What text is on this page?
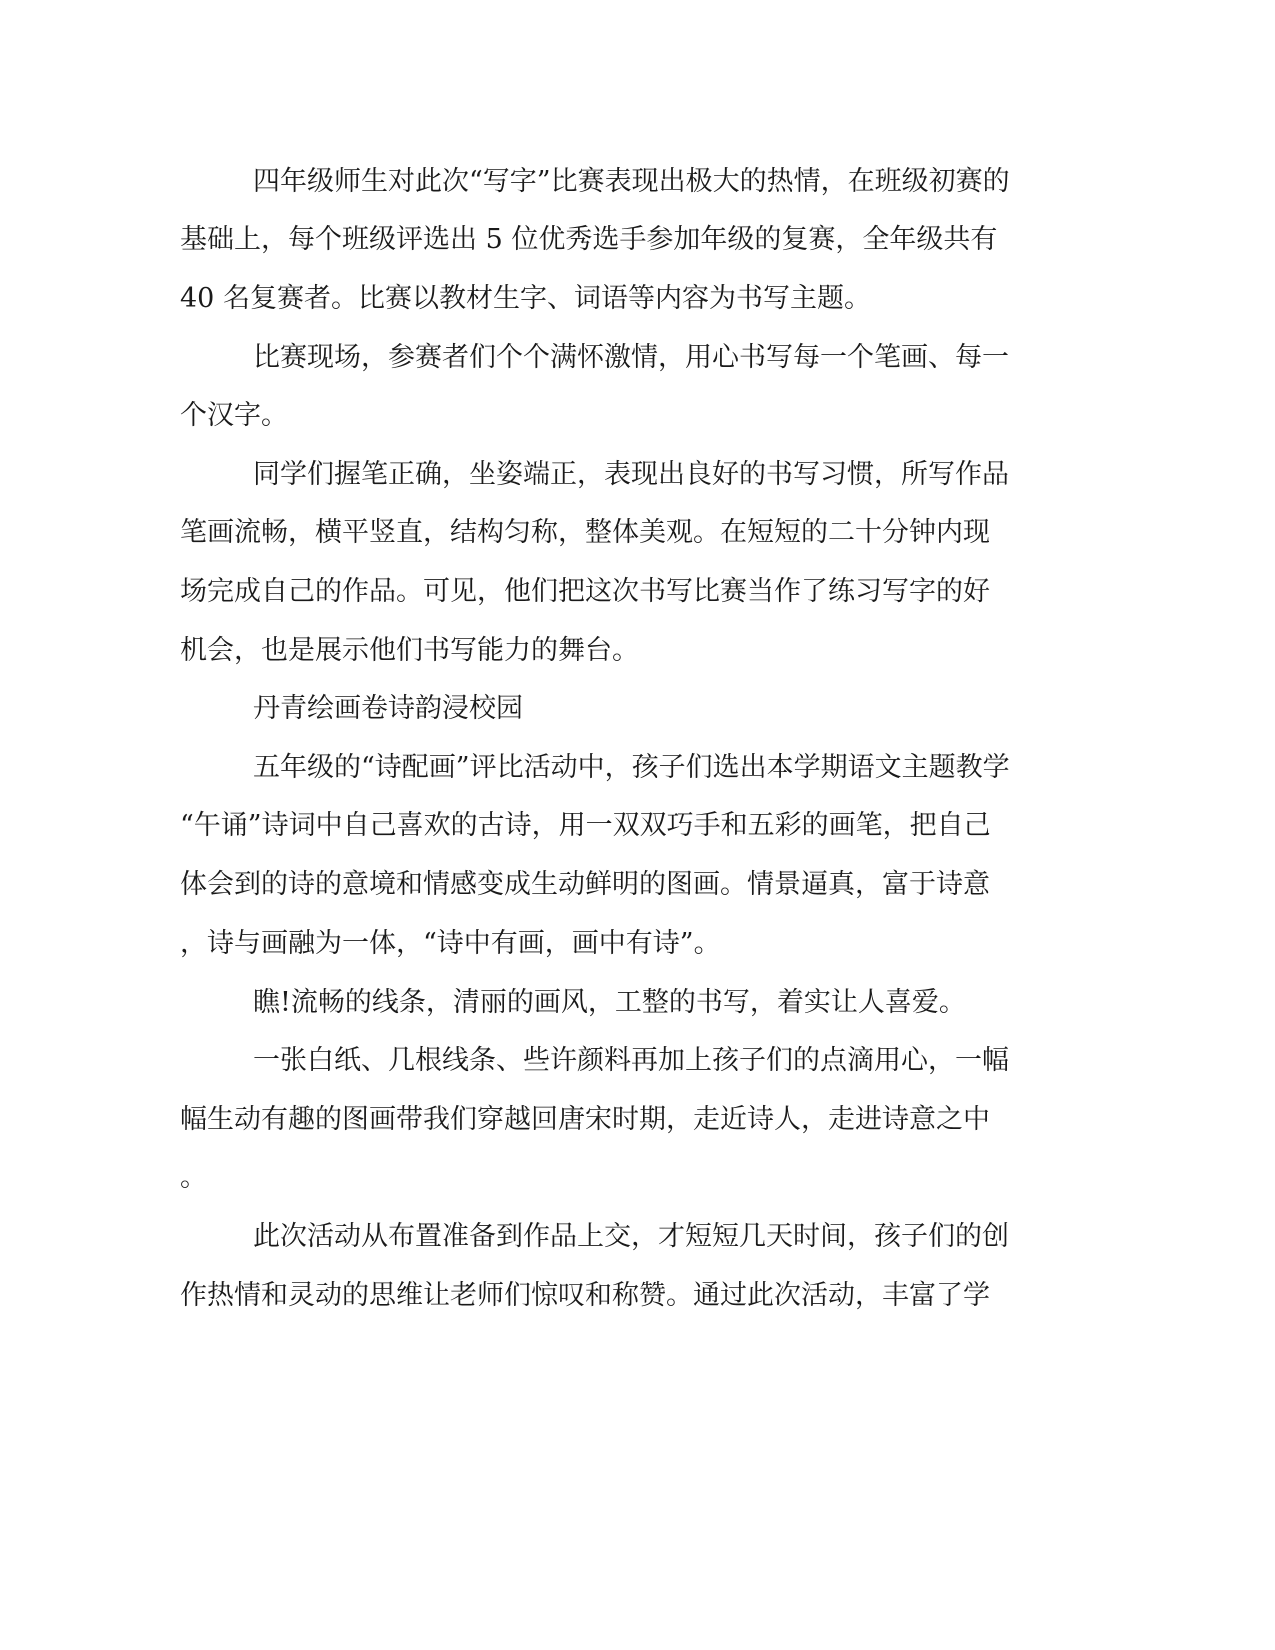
四年级师生对此次“写字”比赛表现出极大的热情，在班级初赛的

基础上，每个班级评选出 5 位优秀选手参加年级的复赛，全年级共有

40 名复赛者。比赛以教材生字、词语等内容为书写主题。

比赛现场，参赛者们个个满怀激情，用心书写每一个笔画、每一

个汉字。

同学们握笔正确，坐姿端正，表现出良好的书写习惯，所写作品

笔画流畅，横平竖直，结构匀称，整体美观。在短短的二十分钟内现

场完成自己的作品。可见，他们把这次书写比赛当作了练习写字的好

机会，也是展示他们书写能力的舞台。

丹青绘画卷诗韵浸校园

五年级的“诗配画”评比活动中，孩子们选出本学期语文主题教学

“午诵”诗词中自己喜欢的古诗，用一双双巧手和五彩的画笔，把自己

体会到的诗的意境和情感变成生动鲜明的图画。情景逼真，富于诗意

，诗与画融为一体，“诗中有画，画中有诗”。

瞧!流畅的线条，清丽的画风，工整的书写，着实让人喜爱。

一张白纸、几根线条、些许颜料再加上孩子们的点滴用心，一幅

幅生动有趣的图画带我们穿越回唐宋时期，走近诗人，走进诗意之中

。

此次活动从布置准备到作品上交，才短短几天时间，孩子们的创

作热情和灵动的思维让老师们惊叹和称赞。通过此次活动，丰富了学
